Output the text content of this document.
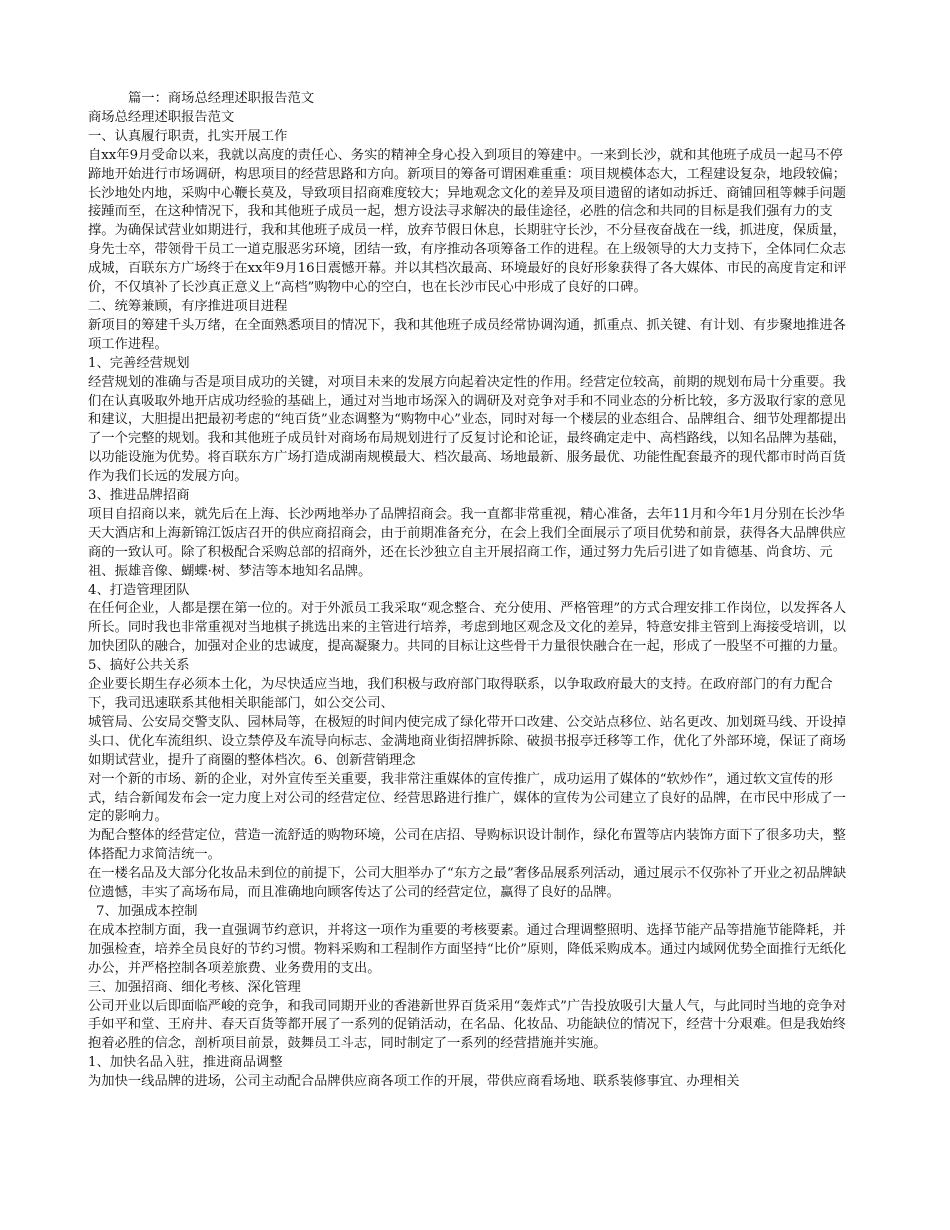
篇一：商场总经理述职报告范文

商场总经理述职报告范文

一、认真履行职责，扎实开展工作

自xx年9月受命以来，我就以高度的责任心、务实的精神全身心投入到项目的筹建中。一来到长沙，就和其他班子成员一起马不停蹄地开始进行市场调研，构思项目的经营思路和方向。新项目的筹备可谓困难重重：项目规模体态大，工程建设复杂，地段较偏；长沙地处内地，采购中心鞭长莫及，导致项目招商难度较大；异地观念文化的差异及项目遗留的诸如动拆迁、商铺回租等棘手问题接踵而至，在这种情况下，我和其他班子成员一起，想方设法寻求解决的最佳途径，必胜的信念和共同的目标是我们强有力的支撑。为确保试营业如期进行，我和其他班子成员一样，放弃节假日休息，长期驻守长沙，不分昼夜奋战在一线，抓进度，保质量，身先士卒，带领骨干员工一道克服恶劣环境，团结一致，有序推动各项筹备工作的进程。在上级领导的大力支持下，全体同仁众志成城，百联东方广场终于在xx年9月16日震憾开幕。并以其档次最高、环境最好的良好形象获得了各大媒体、市民的高度肯定和评价，不仅填补了长沙真正意义上“高档”购物中心的空白，也在长沙市民心中形成了良好的口碑。

二、统筹兼顾，有序推进项目进程

新项目的筹建千头万绪，在全面熟悉项目的情况下，我和其他班子成员经常协调沟通，抓重点、抓关键、有计划、有步聚地推进各项工作进程。

1、完善经营规划

经营规划的准确与否是项目成功的关键，对项目未来的发展方向起着决定性的作用。经营定位较高，前期的规划布局十分重要。我们在认真吸取外地开店成功经验的基础上，通过对当地市场深入的调研及对竞争对手和不同业态的分析比较，多方汲取行家的意见和建议，大胆提出把最初考虑的“纯百货”业态调整为“购物中心”业态，同时对每一个楼层的业态组合、品牌组合、细节处理都提出了一个完整的规划。我和其他班子成员针对商场布局规划进行了反复讨论和论证，最终确定走中、高档路线，以知名品牌为基础，以功能设施为优势。将百联东方广场打造成湖南规模最大、档次最高、场地最新、服务最优、功能性配套最齐的现代都市时尚百货作为我们长远的发展方向。

3、推进品牌招商

项目自招商以来，就先后在上海、长沙两地举办了品牌招商会。我一直都非常重视，精心准备，去年11月和今年1月分别在长沙华天大酒店和上海新锦江饭店召开的供应商招商会，由于前期准备充分，在会上我们全面展示了项目优势和前景，获得各大品牌供应商的一致认可。除了积极配合采购总部的招商外，还在长沙独立自主开展招商工作，通过努力先后引进了如肯德基、尚食坊、元祖、振雄音像、蝴蝶·树、梦洁等本地知名品牌。

4、打造管理团队

在任何企业，人都是摆在第一位的。对于外派员工我采取“观念整合、充分使用、严格管理”的方式合理安排工作岗位，以发挥各人所长。同时我也非常重视对当地棋子挑选出来的主管进行培养，考虑到地区观念及文化的差异，特意安排主管到上海接受培训，以加快团队的融合，加强对企业的忠诚度，提高凝聚力。共同的目标让这些骨干力量很快融合在一起，形成了一股坚不可摧的力量。

5、搞好公共关系

企业要长期生存必须本土化，为尽快适应当地，我们积极与政府部门取得联系，以争取政府最大的支持。在政府部门的有力配合下，我司迅速联系其他相关职能部门，如公交公司、

城管局、公安局交警支队、园林局等，在极短的时间内使完成了绿化带开口改建、公交站点移位、站名更改、加划斑马线、开设掉头口、优化车流组织、设立禁停及车流导向标志、金满地商业街招牌拆除、破损书报亭迁移等工作，优化了外部环境，保证了商场如期试营业，提升了商圈的整体档次。6、创新营销理念

对一个新的市场、新的企业，对外宣传至关重要，我非常注重媒体的宣传推广，成功运用了媒体的“软炒作”，通过软文宣传的形式，结合新闻发布会一定力度上对公司的经营定位、经营思路进行推广，媒体的宣传为公司建立了良好的品牌，在市民中形成了一定的影响力。

为配合整体的经营定位，营造一流舒适的购物环境，公司在店招、导购标识设计制作，绿化布置等店内装饰方面下了很多功夫，整体搭配力求简洁统一。

在一楼名品及大部分化妆品未到位的前提下，公司大胆举办了“东方之最”奢侈品展系列活动，通过展示不仅弥补了开业之初品牌缺位遗憾，丰实了高场布局，而且准确地向顾客传达了公司的经营定位，赢得了良好的品牌。

7、加强成本控制

在成本控制方面，我一直强调节约意识，并将这一项作为重要的考核要素。通过合理调整照明、选择节能产品等措施节能降耗，并加强检查，培养全员良好的节约习惯。物料采购和工程制作方面坚持“比价”原则，降低采购成本。通过内域网优势全面推行无纸化办公，并严格控制各项差旅费、业务费用的支出。

三、加强招商、细化考核、深化管理

公司开业以后即面临严峻的竞争，和我司同期开业的香港新世界百货采用“轰炸式”广告投放吸引大量人气，与此同时当地的竞争对手如平和堂、王府井、春天百货等都开展了一系列的促销活动，在名品、化妆品、功能缺位的情况下，经营十分艰难。但是我始终抱着必胜的信念，剖析项目前景，鼓舞员工斗志，同时制定了一系列的经营措施并实施。

1、加快名品入驻，推进商品调整

为加快一线品牌的进场，公司主动配合品牌供应商各项工作的开展，带供应商看场地、联系装修事宜、办理相关
